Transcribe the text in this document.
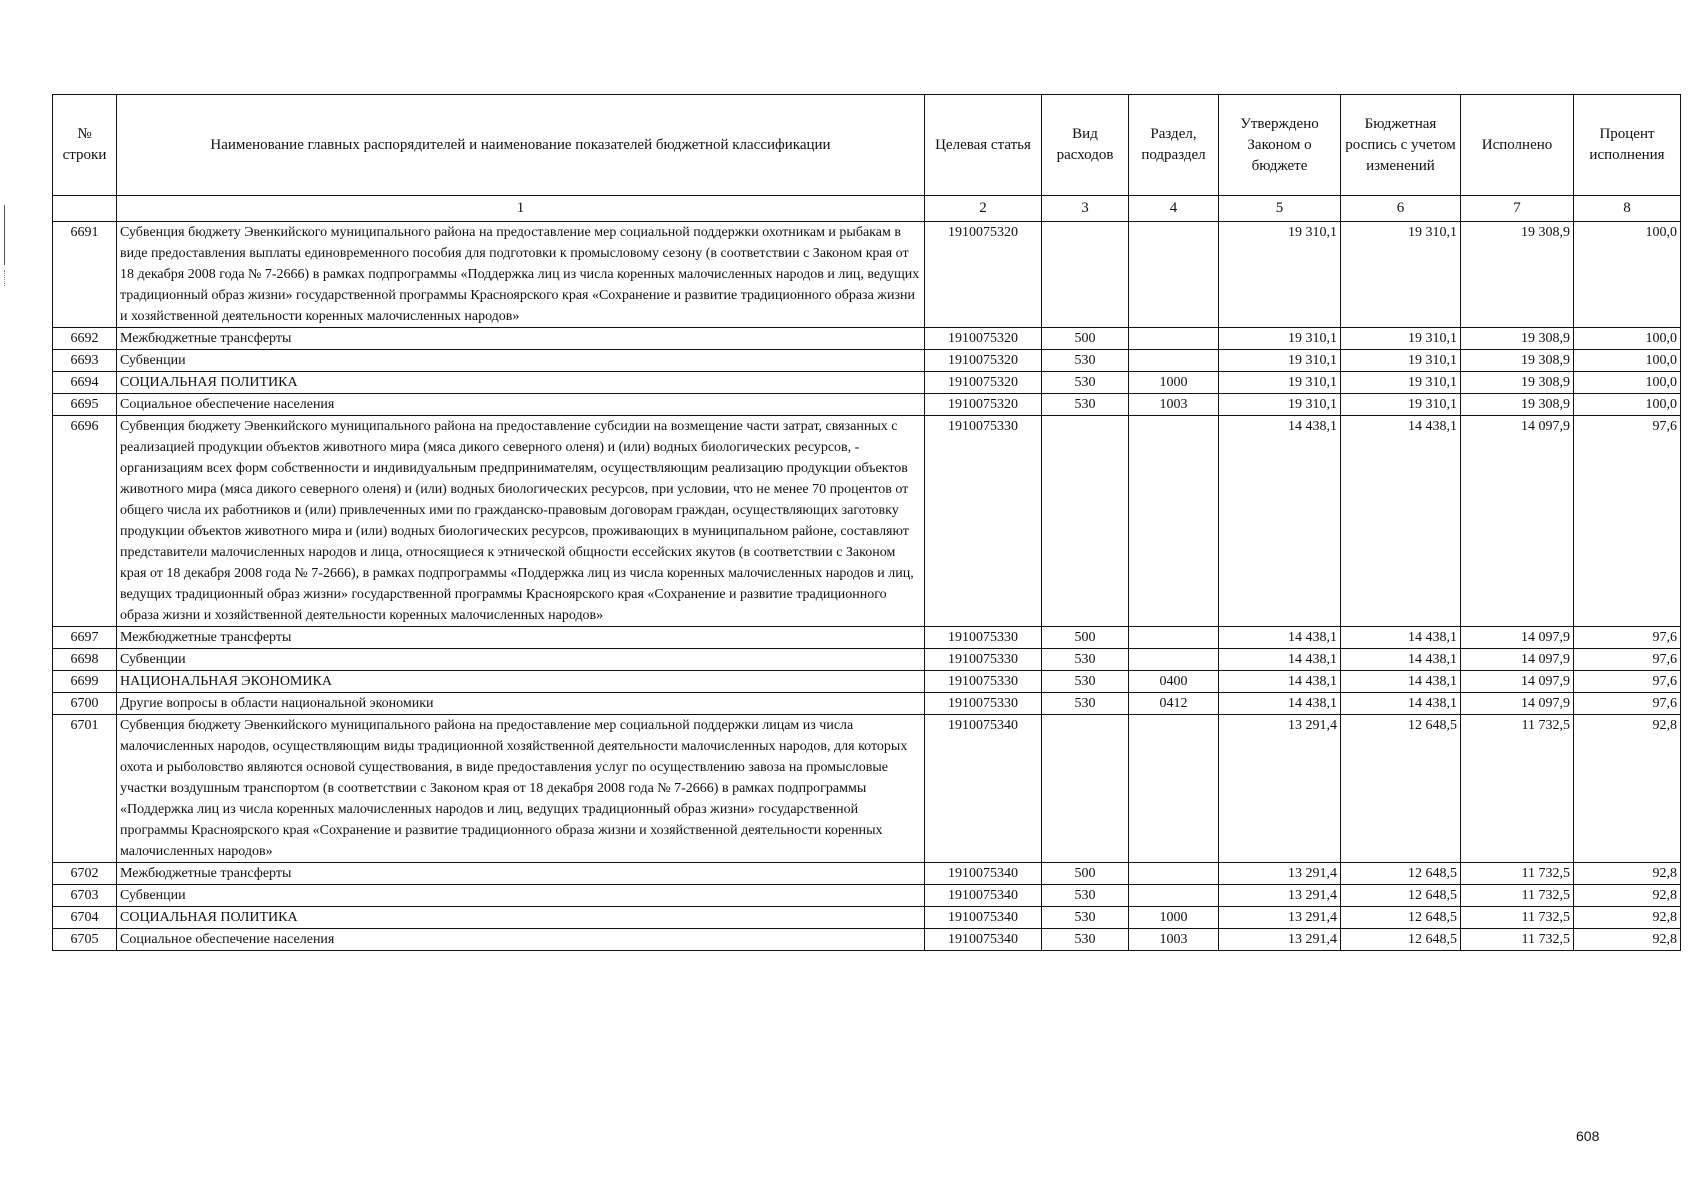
№ строки	Наименование главных распорядителей и наименование показателей бюджетной классификации	Целевая статья	Вид расходов	Раздел, подраздел	Утверждено Законом о бюджете	Бюджетная роспись с учетом изменений	Исполнено	Процент исполнения
	1	2	3	4	5	6	7	8
6691	Субвенция бюджету Эвенкийского муниципального района на предоставление мер социальной поддержки охотникам и рыбакам в виде предоставления выплаты единовременного пособия для подготовки к промысловому сезону (в соответствии с Законом края от 18 декабря 2008 года № 7-2666) в рамках подпрограммы «Поддержка лиц из числа коренных малочисленных народов и лиц, ведущих традиционный образ жизни» государственной программы Красноярского края «Сохранение и развитие традиционного образа жизни и хозяйственной деятельности коренных малочисленных народов»	1910075320			19 310,1	19 310,1	19 308,9	100,0
6692	Межбюджетные трансферты	1910075320	500		19 310,1	19 310,1	19 308,9	100,0
6693	Субвенции	1910075320	530		19 310,1	19 310,1	19 308,9	100,0
6694	СОЦИАЛЬНАЯ ПОЛИТИКА	1910075320	530	1000	19 310,1	19 310,1	19 308,9	100,0
6695	Социальное обеспечение населения	1910075320	530	1003	19 310,1	19 310,1	19 308,9	100,0
6696	Субвенция бюджету Эвенкийского муниципального района на предоставление субсидии на возмещение части затрат, связанных с реализацией продукции объектов животного мира (мяса дикого северного оленя) и (или) водных биологических ресурсов, - организациям всех форм собственности и индивидуальным предпринимателям, осуществляющим реализацию продукции объектов животного мира (мяса дикого северного оленя) и (или) водных биологических ресурсов, при условии, что не менее 70 процентов от общего числа их работников и (или) привлеченных ими по гражданско-правовым договорам граждан, осуществляющих заготовку продукции объектов животного мира и (или) водных биологических ресурсов, проживающих в муниципальном районе, составляют представители малочисленных народов и лица, относящиеся к этнической общности ессейских якутов (в соответствии с Законом края от 18 декабря 2008 года № 7-2666), в рамках подпрограммы «Поддержка лиц из числа коренных малочисленных народов и лиц, ведущих традиционный образ жизни» государственной программы Красноярского края «Сохранение и развитие традиционного образа жизни и хозяйственной деятельности коренных малочисленных народов»	1910075330			14 438,1	14 438,1	14 097,9	97,6
6697	Межбюджетные трансферты	1910075330	500		14 438,1	14 438,1	14 097,9	97,6
6698	Субвенции	1910075330	530		14 438,1	14 438,1	14 097,9	97,6
6699	НАЦИОНАЛЬНАЯ ЭКОНОМИКА	1910075330	530	0400	14 438,1	14 438,1	14 097,9	97,6
6700	Другие вопросы в области национальной экономики	1910075330	530	0412	14 438,1	14 438,1	14 097,9	97,6
6701	Субвенция бюджету Эвенкийского муниципального района на предоставление мер социальной поддержки лицам из числа малочисленных народов, осуществляющим виды традиционной хозяйственной деятельности малочисленных народов, для которых охота и рыболовство являются основой существования, в виде предоставления услуг по осуществлению завоза на промысловые участки воздушным транспортом (в соответствии с Законом края от 18 декабря 2008 года № 7-2666) в рамках подпрограммы «Поддержка лиц из числа коренных малочисленных народов и лиц, ведущих традиционный образ жизни» государственной программы Красноярского края «Сохранение и развитие традиционного образа жизни и хозяйственной деятельности коренных малочисленных народов»	1910075340			13 291,4	12 648,5	11 732,5	92,8
6702	Межбюджетные трансферты	1910075340	500		13 291,4	12 648,5	11 732,5	92,8
6703	Субвенции	1910075340	530		13 291,4	12 648,5	11 732,5	92,8
6704	СОЦИАЛЬНАЯ ПОЛИТИКА	1910075340	530	1000	13 291,4	12 648,5	11 732,5	92,8
6705	Социальное обеспечение населения	1910075340	530	1003	13 291,4	12 648,5	11 732,5	92,8
608
